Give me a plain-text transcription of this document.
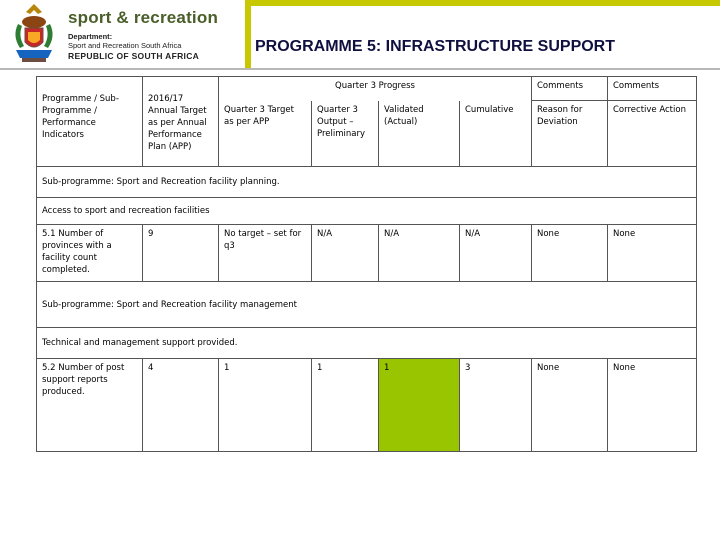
sport & recreation
Department:
Sport and Recreation South Africa
REPUBLIC OF SOUTH AFRICA
PROGRAMME 5: INFRASTRUCTURE SUPPORT
Programme / Sub-Programme / Performance Indicators	2016/17 Annual Target as per Annual Performance Plan (APP)	Quarter 3 Progress				Comments	Comments
		Quarter 3 Target as per APP	Quarter 3 Output – Preliminary	Validated (Actual)	Cumulative	Reason for Deviation	Corrective Action
Sub-programme: Sport and Recreation facility planning.							
Access to sport and recreation facilities							
5.1 Number of provinces with a facility count completed.	9	No target – set for q3	N/A	N/A	N/A	None	None
Sub-programme: Sport and Recreation facility management							
Technical and management support provided.							
5.2 Number of post support reports produced.	4	1	1	1	3	None	None
